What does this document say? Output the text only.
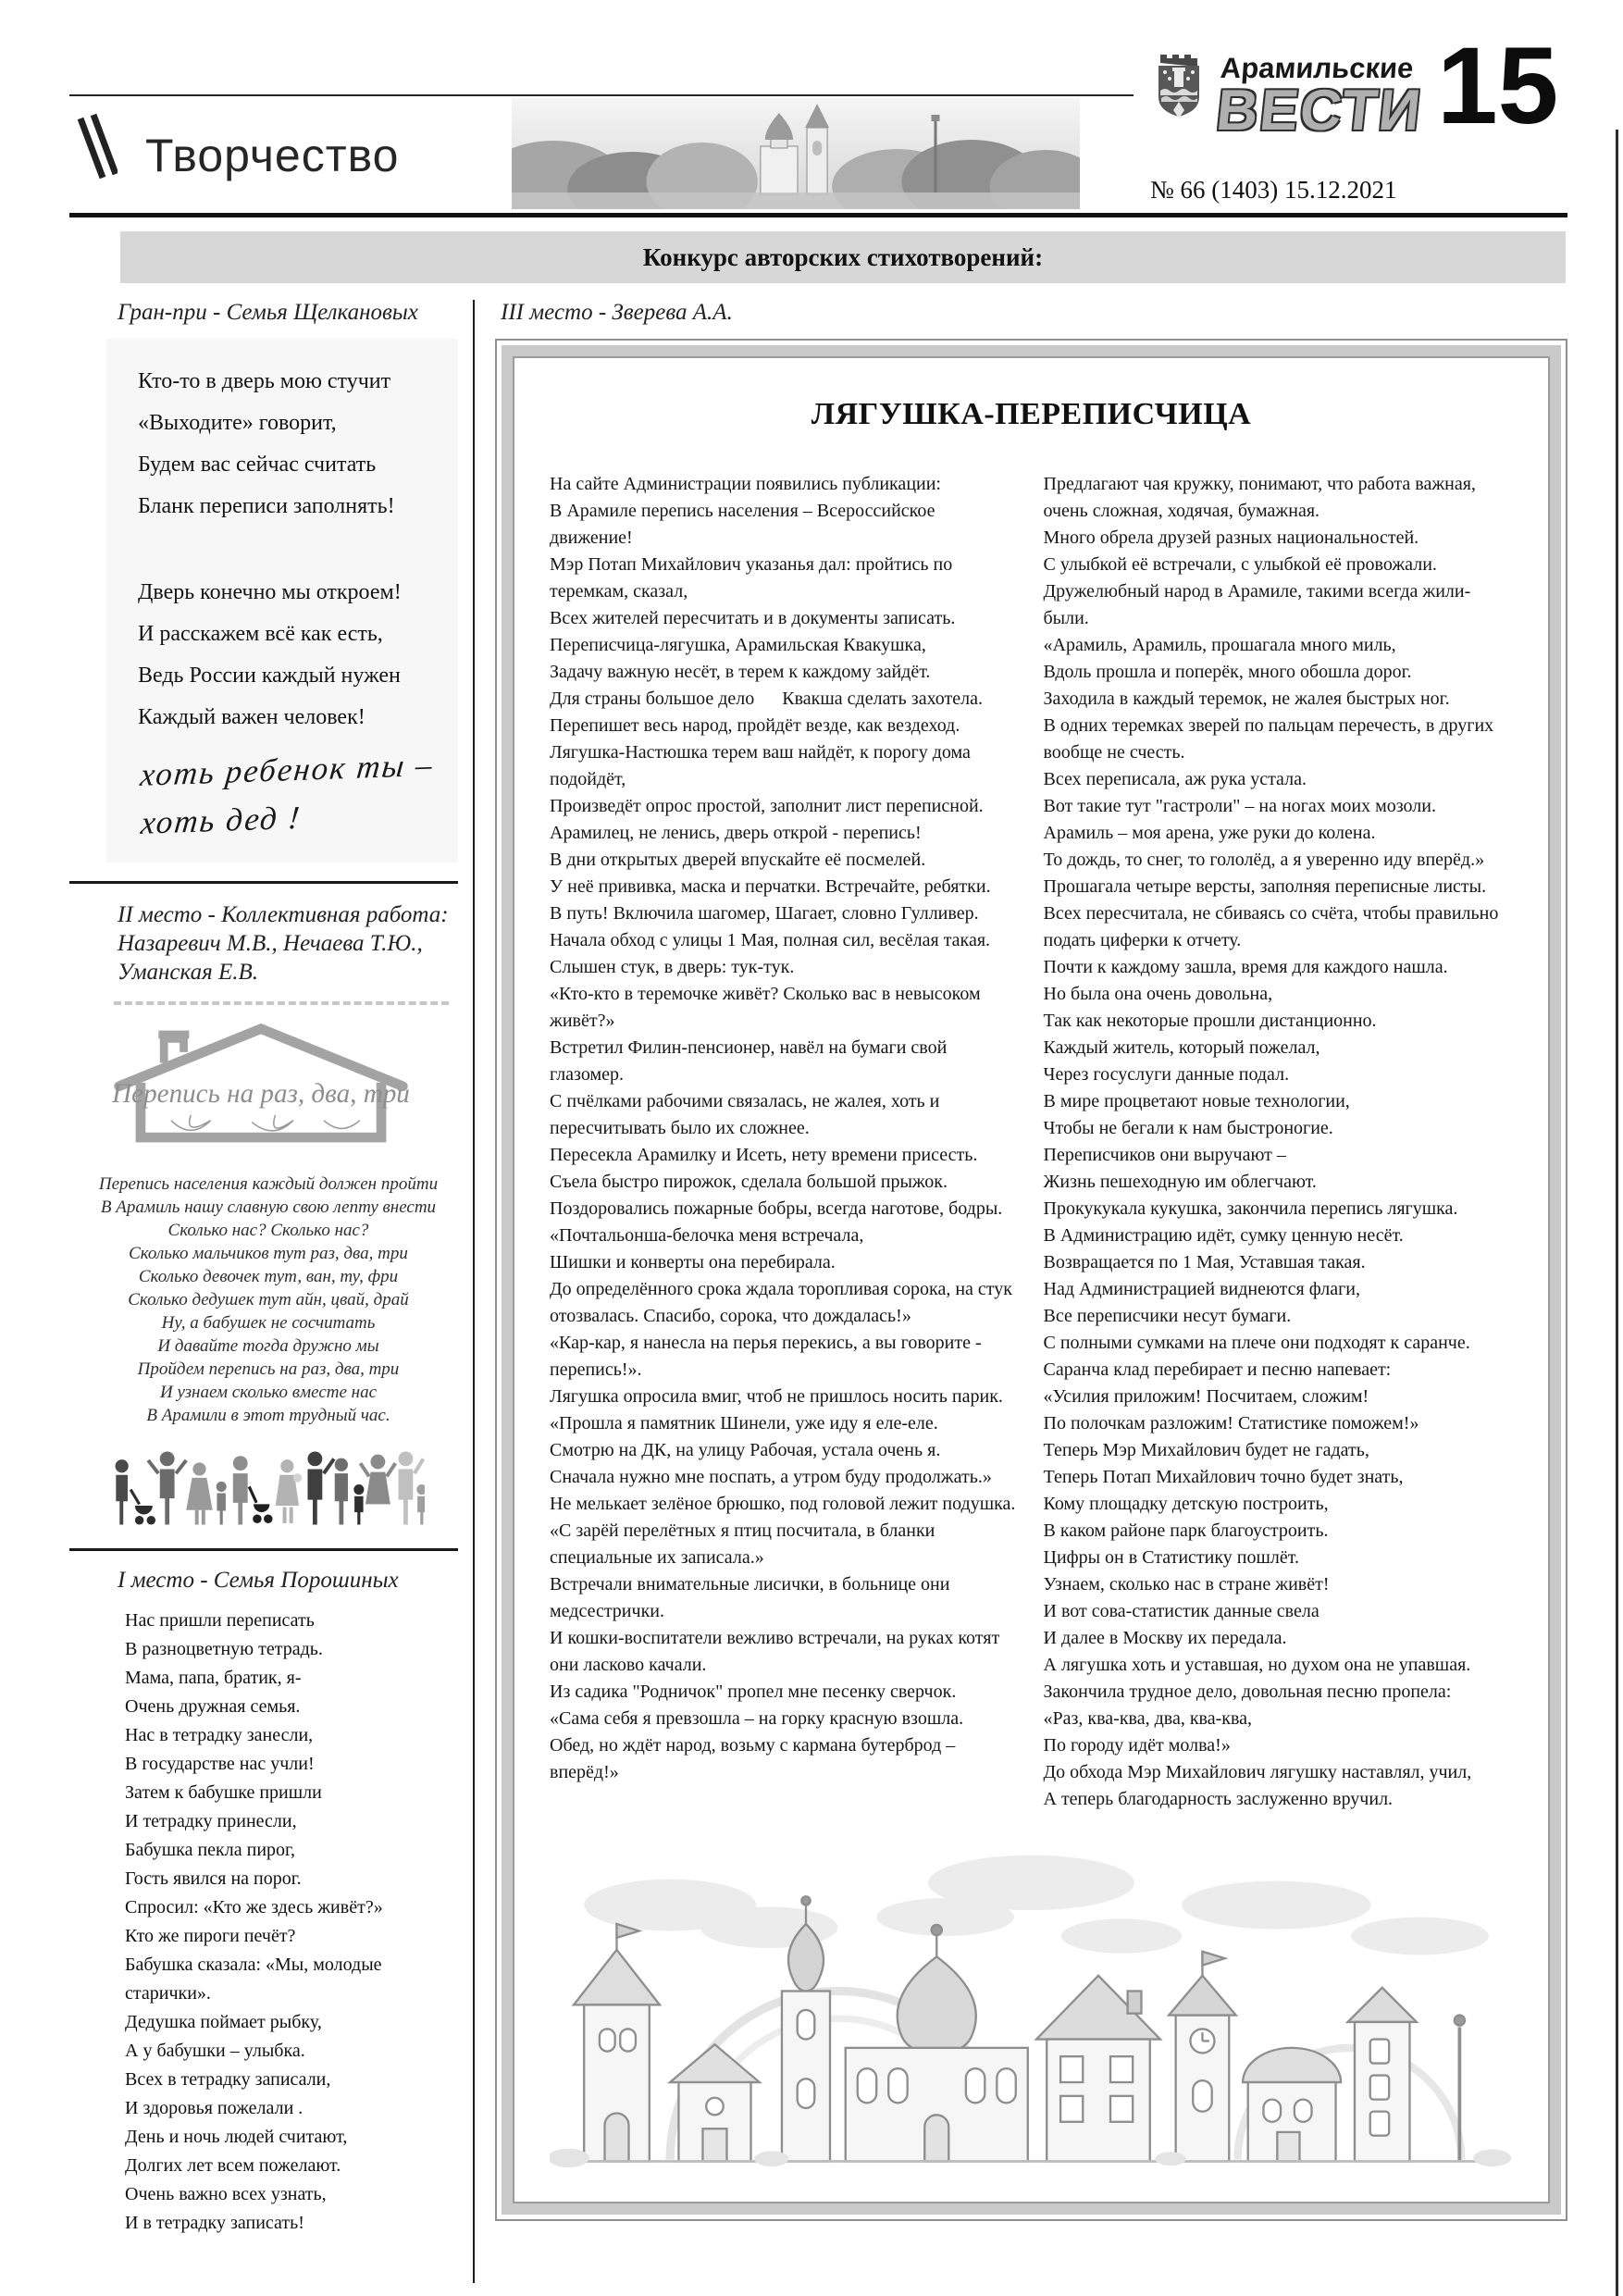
Творчество
Арамильские
ВЕСТИ 15
№ 66 (1403) 15.12.2021
Конкурс авторских стихотворений:
Гран-при - Семья Щелкановых
Кто-то в дверь мою стучит
«Выходите» говорит,
Будем вас сейчас считать
Бланк переписи заполнять!
Дверь конечно мы откроем!
И расскажем всё как есть,
Ведь России каждый нужен
Каждый важен человек!
хоть ребенок ты –
хоть дед !
II место - Коллективная работа:
Назаревич М.В., Нечаева Т.Ю.,
Уманская Е.В.
Перепись на раз, два, три
Перепись населения каждый должен пройти
В Арамиль нашу славную свою лепту внести
Сколько нас? Сколько нас?
Сколько мальчиков тут раз, два, три
Сколько девочек тут, ван, ту, фри
Сколько дедушек тут айн, цвай, драй
Ну, а бабушек не сосчитать
И давайте тогда дружно мы
Пройдем перепись на раз, два, три
И узнаем сколько вместе нас
В Арамили в этот трудный час.
I место - Семья Порошиных
Нас пришли переписать
В разноцветную тетрадь.
Мама, папа, братик, я-
Очень дружная семья.
Нас в тетрадку занесли,
В государстве нас учли!
Затем к бабушке пришли
И тетрадку принесли,
Бабушка пекла пирог,
Гость явился на порог.
Спросил: «Кто же здесь живёт?»
Кто же пироги печёт?
Бабушка сказала: «Мы, молодые старички».
Дедушка поймает рыбку,
А у бабушки – улыбка.
Всех в тетрадку записали,
И здоровья пожелали .
День и ночь людей считают,
Долгих лет всем пожелают.
Очень важно всех узнать,
И в тетрадку записать!
III место - Зверева А.А.
ЛЯГУШКА-ПЕРЕПИСЧИЦА
На сайте Администрации появились публикации:
В Арамиле перепись населения – Всероссийское движение!
Мэр Потап Михайлович указанья дал: пройтись по теремкам, сказал,
Всех жителей пересчитать и в документы записать.
Переписчица-лягушка, Арамильская Квакушка,
Задачу важную несёт, в терем к каждому зайдёт.
Для страны большое дело  Квакша сделать захотела.
Перепишет весь народ, пройдёт везде, как вездеход.
Лягушка-Настюшка терем ваш найдёт, к порогу дома подойдёт,
Произведёт опрос простой, заполнит лист переписной.
Арамилец, не ленись, дверь открой - перепись!
В дни открытых дверей впускайте её посмелей.
У неё прививка, маска и перчатки. Встречайте, ребятки.
В путь! Включила шагомер, Шагает, словно Гулливер.
Начала обход с улицы 1 Мая, полная сил, весёлая такая.
Слышен стук, в дверь: тук-тук.
«Кто-кто в теремочке живёт? Сколько вас в невысоком живёт?»
Встретил Филин-пенсионер, навёл на бумаги свой глазомер.
С пчёлками рабочими связалась, не жалея, хоть и пересчитывать было их сложнее.
Пересекла Арамилку и Исеть, нету времени присесть.
Съела быстро пирожок, сделала большой прыжок.
Поздоровались пожарные бобры, всегда наготове, бодры.
«Почтальонша-белочка меня встречала,
Шишки и конверты она перебирала.
До определённого срока ждала торопливая сорока, на стук отозвалась. Спасибо, сорока, что дождалась!»
«Кар-кар, я нанесла на перья перекись, а вы говорите - перепись!».
Лягушка опросила вмиг, чтоб не пришлось носить парик.
«Прошла я памятник Шинели, уже иду я еле-еле.
Смотрю на ДК, на улицу Рабочая, устала очень я.
Сначала нужно мне поспать, а утром буду продолжать.»
Не мелькает зелёное брюшко, под головой лежит подушка.
«С зарёй перелётных я птиц посчитала, в бланки специальные их записала.»
Встречали внимательные лисички, в больнице они медсестрички.
И кошки-воспитатели вежливо встречали, на руках котят они ласково качали.
Из садика "Родничок" пропел мне песенку сверчок.
«Сама себя я превзошла – на горку красную взошла.
Обед, но ждёт народ, возьму с кармана бутерброд – вперёд!»
Предлагают чая кружку, понимают, что работа важная,
очень сложная, ходячая, бумажная.
Много обрела друзей разных национальностей.
С улыбкой её встречали, с улыбкой её провожали.
Дружелюбный народ в Арамиле, такими всегда жили-были.
«Арамиль, Арамиль, прошагала много миль,
Вдоль прошла и поперёк, много обошла дорог.
Заходила в каждый теремок, не жалея быстрых ног.
В одних теремках зверей по пальцам перечесть, в других вообще не счесть.
Всех переписала, аж рука устала.
Вот такие тут "гастроли" – на ногах моих мозоли.
Арамиль – моя арена, уже руки до колена.
То дождь, то снег, то гололёд, а я уверенно иду вперёд.»
Прошагала четыре версты, заполняя переписные листы.
Всех пересчитала, не сбиваясь со счёта, чтобы правильно подать циферки к отчету.
Почти к каждому зашла, время для каждого нашла.
Но была она очень довольна,
Так как некоторые прошли дистанционно.
Каждый житель, который пожелал,
Через госуслуги данные подал.
В мире процветают новые технологии,
Чтобы не бегали к нам быстроногие.
Переписчиков они выручают –
Жизнь пешеходную им облегчают.
Прокукукала кукушка, закончила перепись лягушка.
В Администрацию идёт, сумку ценную несёт.
Возвращается по 1 Мая, Уставшая такая.
Над Администрацией виднеются флаги,
Все переписчики несут бумаги.
С полными сумками на плече они подходят к саранче.
Саранча клад перебирает и песню напевает:
«Усилия приложим! Посчитаем, сложим!
По полочкам разложим! Статистике поможем!»
Теперь Мэр Михайлович будет не гадать,
Теперь Потап Михайлович точно будет знать,
Кому площадку детскую построить,
В каком районе парк благоустроить.
Цифры он в Статистику пошлёт.
Узнаем, сколько нас в стране живёт!
И вот сова-статистик данные свела
И далее в Москву их передала.
А лягушка хоть и уставшая, но духом она не упавшая.
Закончила трудное дело, довольная песню пропела:
«Раз, ква-ква, два, ква-ква,
По городу идёт молва!»
До обхода Мэр Михайлович лягушку наставлял, учил,
А теперь благодарность заслуженно вручил.
